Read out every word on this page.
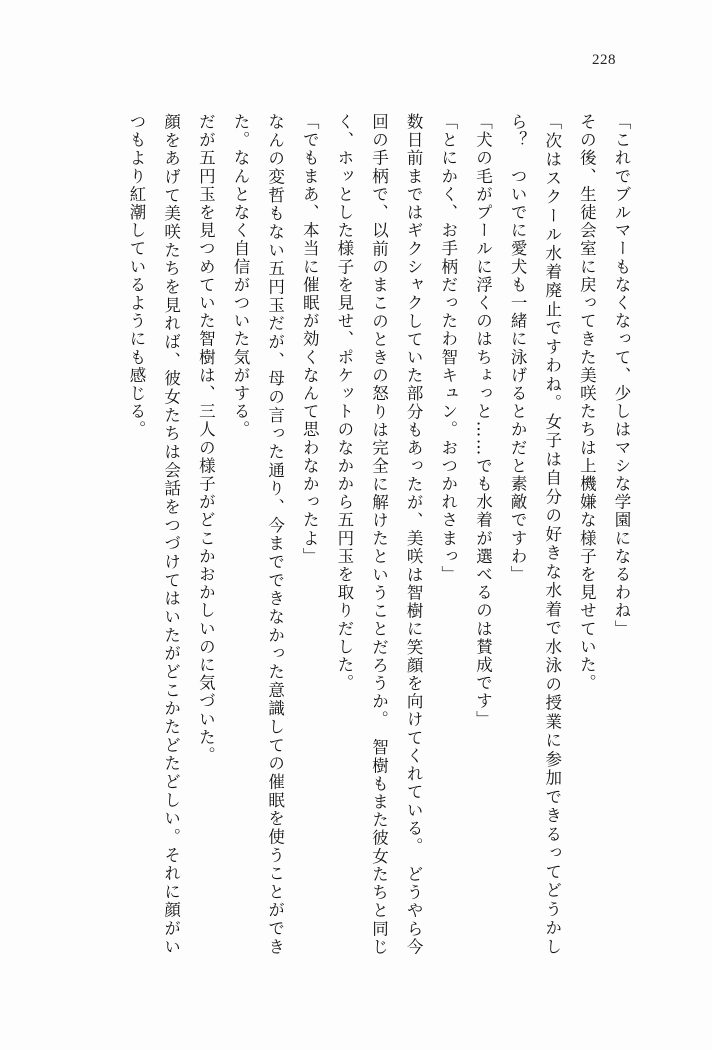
228
「これでブルマーもなくなって、少しはマシな学園になるわね」
その後、生徒会室に戻ってきた美咲たちは上機嫌な様子を見せていた。
「次はスクール水着廃止ですわね。女子は自分の好きな水着で水泳の授業に参加できるってどうかしら？　ついでに愛犬も一緒に泳げるとかだと素敵ですわ」
「犬の毛がプールに浮くのはちょっと……でも水着が選べるのは賛成です」
「とにかく、お手柄だったわ智キュン。おつかれさまっ」
数日前まではギクシャクしていた部分もあったが、美咲は智樹に笑顔を向けてくれている。　どうやら今回の手柄で、以前のまこのときの怒りは完全に解けたということだろうか。　智樹もまた彼女たちと同じく、ホッとした様子を見せ、ポケットのなかから五円玉を取りだした。
「でもまあ、本当に催眠が効くなんて思わなかったよ」
なんの変哲もない五円玉だが、母の言った通り、今までできなかった意識しての催眠を使うことができた。なんとなく自信がついた気がする。
だが五円玉を見つめていた智樹は、三人の様子がどこかおかしいのに気づいた。
顔をあげて美咲たちを見れば、彼女たちは会話をつづけてはいたがどこかたどたどしい。それに顔がいつもより紅潮しているようにも感じる。
